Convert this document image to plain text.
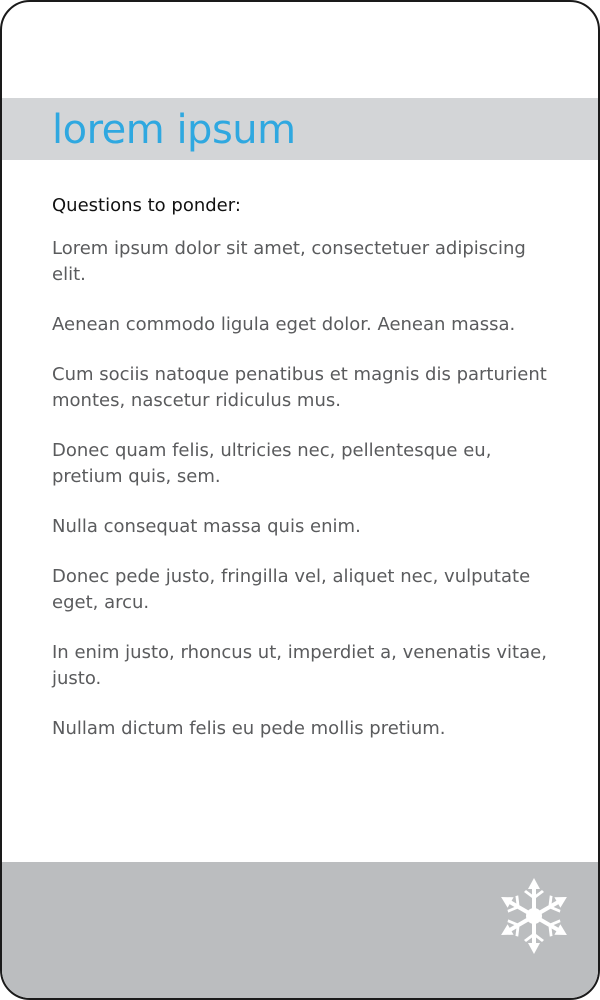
lorem ipsum

Questions to ponder:

Lorem ipsum dolor sit amet, consectetuer adipiscing elit.

Aenean commodo ligula eget dolor. Aenean massa.

Cum sociis natoque penatibus et magnis dis parturient montes, nascetur ridiculus mus.

Donec quam felis, ultricies nec, pellentesque eu, pretium quis, sem.

Nulla consequat massa quis enim.

Donec pede justo, fringilla vel, aliquet nec, vulputate eget, arcu.

In enim justo, rhoncus ut, imperdiet a, venenatis vitae, justo.

Nullam dictum felis eu pede mollis pretium.
